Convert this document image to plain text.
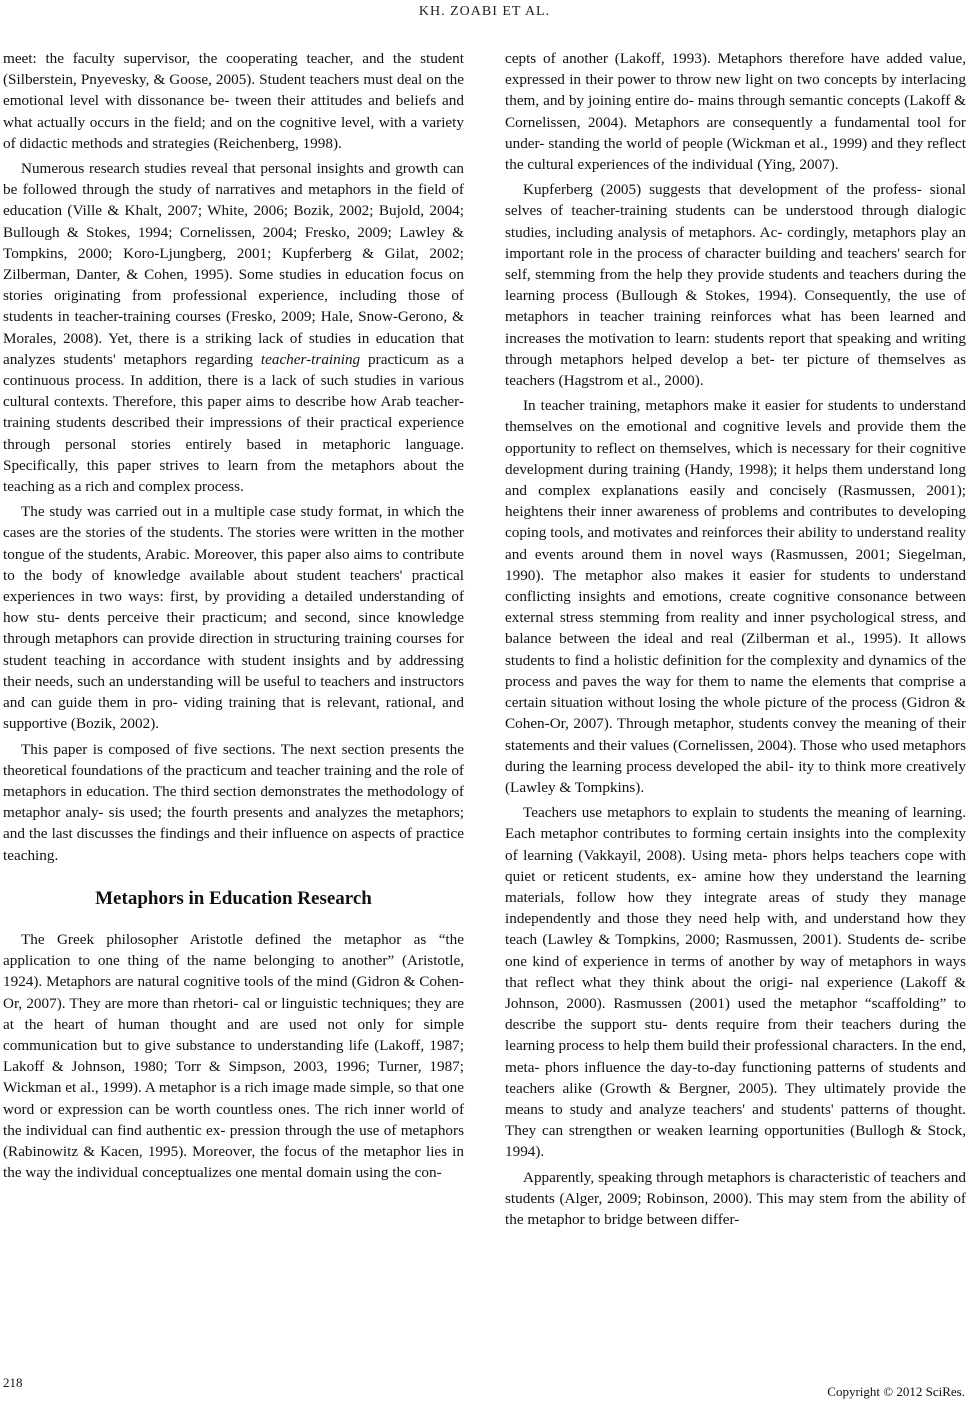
KH. ZOABI ET AL.

meet: the faculty supervisor, the cooperating teacher, and the student (Silberstein, Pnyevesky, & Goose, 2005). Student teachers must deal on the emotional level with dissonance be- tween their attitudes and beliefs and what actually occurs in the field; and on the cognitive level, with a variety of didactic methods and strategies (Reichenberg, 1998).

Numerous research studies reveal that personal insights and growth can be followed through the study of narratives and metaphors in the field of education (Ville & Khalt, 2007; White, 2006; Bozik, 2002; Bujold, 2004; Bullough & Stokes, 1994; Cornelissen, 2004; Fresko, 2009; Lawley & Tompkins, 2000; Koro-Ljungberg, 2001; Kupferberg & Gilat, 2002; Zilberman, Danter, & Cohen, 1995). Some studies in education focus on stories originating from professional experience, including those of students in teacher-training courses (Fresko, 2009; Hale, Snow-Gerono, & Morales, 2008). Yet, there is a striking lack of studies in education that analyzes students' metaphors regarding teacher-training practicum as a continuous process. In addition, there is a lack of such studies in various cultural contexts. Therefore, this paper aims to describe how Arab teacher-training students described their impressions of their practical experience through personal stories entirely based in metaphoric language. Specifically, this paper strives to learn from the metaphors about the teaching as a rich and complex process.

The study was carried out in a multiple case study format, in which the cases are the stories of the students. The stories were written in the mother tongue of the students, Arabic. Moreover, this paper also aims to contribute to the body of knowledge available about student teachers' practical experiences in two ways: first, by providing a detailed understanding of how stu- dents perceive their practicum; and second, since knowledge through metaphors can provide direction in structuring training courses for student teaching in accordance with student insights and by addressing their needs, such an understanding will be useful to teachers and instructors and can guide them in pro- viding training that is relevant, rational, and supportive (Bozik, 2002).

This paper is composed of five sections. The next section presents the theoretical foundations of the practicum and teacher training and the role of metaphors in education. The third section demonstrates the methodology of metaphor analy- sis used; the fourth presents and analyzes the metaphors; and the last discusses the findings and their influence on aspects of practice teaching.

Metaphors in Education Research

The Greek philosopher Aristotle defined the metaphor as “the application to one thing of the name belonging to another” (Aristotle, 1924). Metaphors are natural cognitive tools of the mind (Gidron & Cohen-Or, 2007). They are more than rhetori- cal or linguistic techniques; they are at the heart of human thought and are used not only for simple communication but to give substance to understanding life (Lakoff, 1987; Lakoff & Johnson, 1980; Torr & Simpson, 2003, 1996; Turner, 1987; Wickman et al., 1999). A metaphor is a rich image made simple, so that one word or expression can be worth countless ones. The rich inner world of the individual can find authentic ex- pression through the use of metaphors (Rabinowitz & Kacen, 1995). Moreover, the focus of the metaphor lies in the way the individual conceptualizes one mental domain using the con-

cepts of another (Lakoff, 1993). Metaphors therefore have added value, expressed in their power to throw new light on two concepts by interlacing them, and by joining entire do- mains through semantic concepts (Lakoff & Cornelissen, 2004). Metaphors are consequently a fundamental tool for under- standing the world of people (Wickman et al., 1999) and they reflect the cultural experiences of the individual (Ying, 2007).

Kupferberg (2005) suggests that development of the profess- sional selves of teacher-training students can be understood through dialogic studies, including analysis of metaphors. Ac- cordingly, metaphors play an important role in the process of character building and teachers' search for self, stemming from the help they provide students and teachers during the learning process (Bullough & Stokes, 1994). Consequently, the use of metaphors in teacher training reinforces what has been learned and increases the motivation to learn: students report that speaking and writing through metaphors helped develop a bet- ter picture of themselves as teachers (Hagstrom et al., 2000).

In teacher training, metaphors make it easier for students to understand themselves on the emotional and cognitive levels and provide them the opportunity to reflect on themselves, which is necessary for their cognitive development during training (Handy, 1998); it helps them understand long and complex explanations easily and concisely (Rasmussen, 2001); heightens their inner awareness of problems and contributes to developing coping tools, and motivates and reinforces their ability to understand reality and events around them in novel ways (Rasmussen, 2001; Siegelman, 1990). The metaphor also makes it easier for students to understand conflicting insights and emotions, create cognitive consonance between external stress stemming from reality and inner psychological stress, and balance between the ideal and real (Zilberman et al., 1995). It allows students to find a holistic definition for the complexity and dynamics of the process and paves the way for them to name the elements that comprise a certain situation without losing the whole picture of the process (Gidron & Cohen-Or, 2007). Through metaphor, students convey the meaning of their statements and their values (Cornelissen, 2004). Those who used metaphors during the learning process developed the abil- ity to think more creatively (Lawley & Tompkins).

Teachers use metaphors to explain to students the meaning of learning. Each metaphor contributes to forming certain insights into the complexity of learning (Vakkayil, 2008). Using meta- phors helps teachers cope with quiet or reticent students, ex- amine how they understand the learning materials, follow how they integrate areas of study they manage independently and those they need help with, and understand how they teach (Lawley & Tompkins, 2000; Rasmussen, 2001). Students de- scribe one kind of experience in terms of another by way of metaphors in ways that reflect what they think about the origi- nal experience (Lakoff & Johnson, 2000). Rasmussen (2001) used the metaphor “scaffolding” to describe the support stu- dents require from their teachers during the learning process to help them build their professional characters. In the end, meta- phors influence the day-to-day functioning patterns of students and teachers alike (Growth & Bergner, 2005). They ultimately provide the means to study and analyze teachers' and students' patterns of thought. They can strengthen or weaken learning opportunities (Bullogh & Stock, 1994).

Apparently, speaking through metaphors is characteristic of teachers and students (Alger, 2009; Robinson, 2000). This may stem from the ability of the metaphor to bridge between differ-

218
Copyright © 2012 SciRes.
